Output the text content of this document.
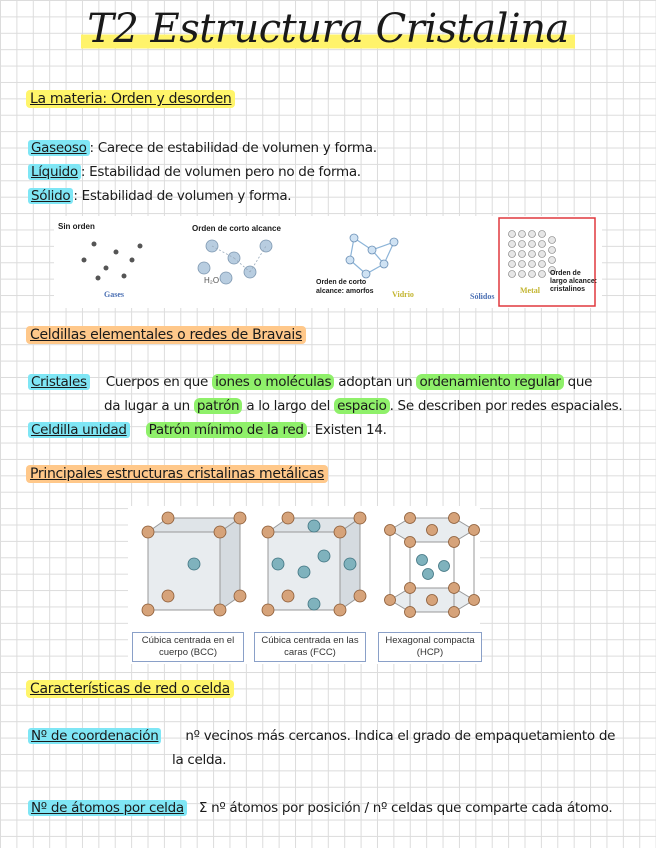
T2 Estructura Cristalina
La materia: Orden y desorden
Gaseoso : Carece de estabilidad de volumen y forma.
Líquido : Estabilidad de volumen pero no de forma.
Sólido : Estabilidad de volumen y forma.
Sin orden	Orden de corto alcance
Orden de corto alcance: amorfos
Orden de largo alcance: cristalinos
Gases
H₂O
Vidrio	Sólidos
Metal
Celdillas elementales o redes de Bravais
Cristales Cuerpos en que iones o moléculas adoptan un ordenamiento regular que
da lugar a un patrón a lo largo del espacio . Se describen por redes espaciales.
Celdilla unidad Patrón mínimo de la red . Existen 14.
Principales estructuras cristalinas metálicas
Cúbica centrada en el cuerpo (BCC)
Cúbica centrada en las caras (FCC)
Hexagonal compacta (HCP)
Características de red o celda
Nº de coordenación nº vecinos más cercanos. Indica el grado de empaquetamiento de
la celda.
Nº de átomos por celda Σ nº átomos por posición / nº celdas que comparte cada átomo.
